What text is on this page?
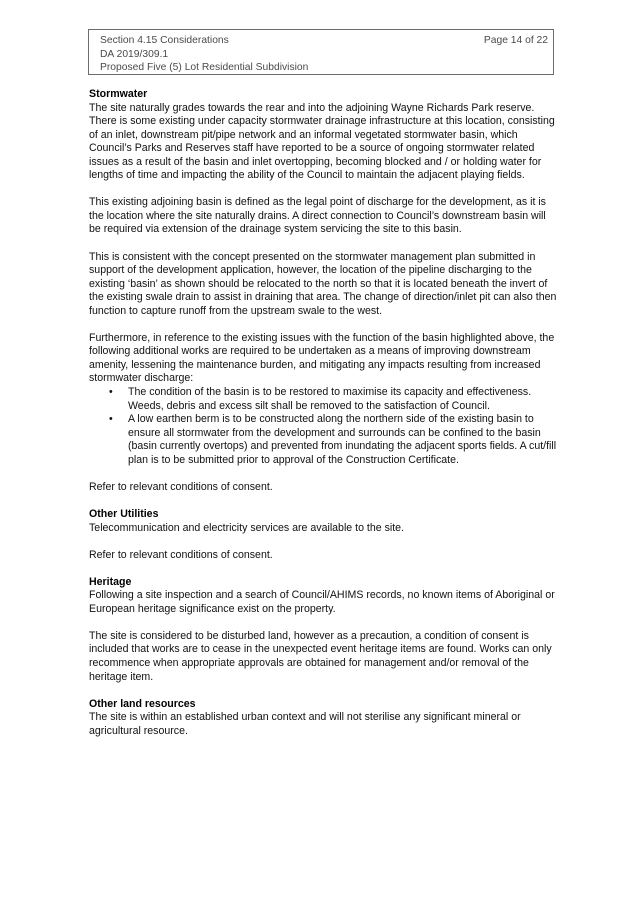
Section 4.15 Considerations	Page 14 of 22
DA 2019/309.1
Proposed Five (5) Lot Residential Subdivision
Stormwater

The site naturally grades towards the rear and into the adjoining Wayne Richards Park reserve. There is some existing under capacity stormwater drainage infrastructure at this location, consisting of an inlet, downstream pit/pipe network and an informal vegetated stormwater basin, which Council’s Parks and Reserves staff have reported to be a source of ongoing stormwater related issues as a result of the basin and inlet overtopping, becoming blocked and / or holding water for lengths of time and impacting the ability of the Council to maintain the adjacent playing fields.

This existing adjoining basin is defined as the legal point of discharge for the development, as it is the location where the site naturally drains. A direct connection to Council’s downstream basin will be required via extension of the drainage system servicing the site to this basin.

This is consistent with the concept presented on the stormwater management plan submitted in support of the development application, however, the location of the pipeline discharging to the existing ‘basin’ as shown should be relocated to the north so that it is located beneath the invert of the existing swale drain to assist in draining that area. The change of direction/inlet pit can also then function to capture runoff from the upstream swale to the west.

Furthermore, in reference to the existing issues with the function of the basin highlighted above, the following additional works are required to be undertaken as a means of improving downstream amenity, lessening the maintenance burden, and mitigating any impacts resulting from increased stormwater discharge:

• The condition of the basin is to be restored to maximise its capacity and effectiveness. Weeds, debris and excess silt shall be removed to the satisfaction of Council.
• A low earthen berm is to be constructed along the northern side of the existing basin to ensure all stormwater from the development and surrounds can be confined to the basin (basin currently overtops) and prevented from inundating the adjacent sports fields. A cut/fill plan is to be submitted prior to approval of the Construction Certificate.

Refer to relevant conditions of consent.

Other Utilities

Telecommunication and electricity services are available to the site.

Refer to relevant conditions of consent.

Heritage

Following a site inspection and a search of Council/AHIMS records, no known items of Aboriginal or European heritage significance exist on the property.

The site is considered to be disturbed land, however as a precaution, a condition of consent is included that works are to cease in the unexpected event heritage items are found. Works can only recommence when appropriate approvals are obtained for management and/or removal of the heritage item.

Other land resources

The site is within an established urban context and will not sterilise any significant mineral or agricultural resource.
